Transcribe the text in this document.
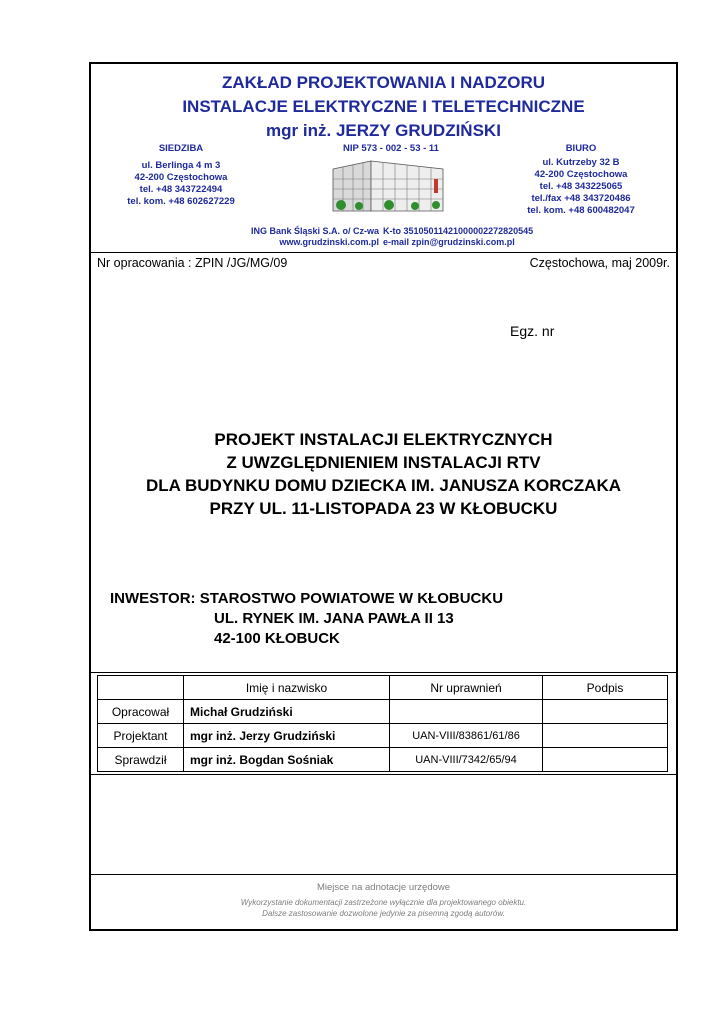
ZAKŁAD PROJEKTOWANIA I NADZORU
INSTALACJE ELEKTRYCZNE I TELETECHNICZNE
mgr inż. JERZY GRUDZIŃSKI
SIEDZIBA
ul. Berlinga 4 m 3
42-200 Częstochowa
tel. +48 343722494
tel. kom. +48 602627229
NIP 573 - 002 - 53 - 11	BIURO
ul. Kutrzeby 32 B
42-200 Częstochowa
tel. +48 343225065
tel./fax +48 343720486
tel. kom. +48 600482047
ING Bank Śląski S.A. o/ Cz-wa K-to 35105011421000002272820545
www.grudzinski.com.pl e-mail zpin@grudzinski.com.pl
Nr opracowania : ZPIN /JG/MG/09	Częstochowa, maj 2009r.
Egz. nr
PROJEKT INSTALACJI ELEKTRYCZNYCH
Z UWZGLĘDNIENIEM INSTALACJI RTV
DLA BUDYNKU DOMU DZIECKA IM. JANUSZA KORCZAKA
PRZY UL. 11-LISTOPADA 23 W KŁOBUCKU
INWESTOR: STAROSTWO POWIATOWE W KŁOBUCKU
UL. RYNEK IM. JANA PAWŁA II 13
42-100 KŁOBUCK
	Imię i nazwisko	Nr uprawnień	Podpis
Opracował	Michał Grudziński		
Projektant	mgr inż. Jerzy Grudziński	UAN-VIII/83861/61/86	
Sprawdził	mgr inż. Bogdan Sośniak	UAN-VIII/7342/65/94	
Miejsce na adnotacje urzędowe
Wykorzystanie dokumentacji zastrzeżone wyłącznie dla projektowanego obiektu.
Dalsze zastosowanie dozwolone jedynie za pisemną zgodą autorów.
